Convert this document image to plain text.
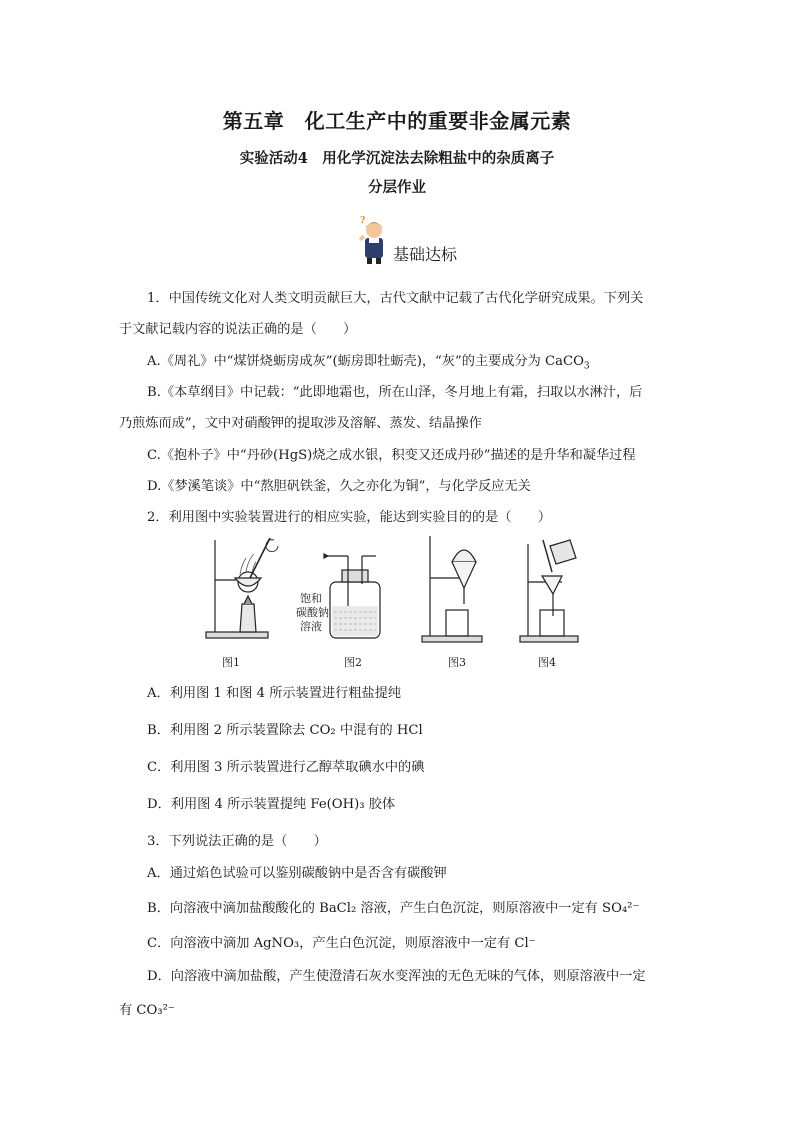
第五章　化工生产中的重要非金属元素
实验活动4　用化学沉淀法去除粗盐中的杂质离子
分层作业
?
基础达标
1．中国传统文化对人类文明贡献巨大，古代文献中记载了古代化学研究成果。下列关
于文献记载内容的说法正确的是（　　）
A.《周礼》中“煤饼烧蛎房成灰”(蛎房即牡蛎壳)，“灰”的主要成分为 CaCO$_3$
B.《本草纲目》中记载：“此即地霜也，所在山泽，冬月地上有霜，扫取以水淋汁，后
乃煎炼而成”，文中对硝酸钾的提取涉及溶解、蒸发、结晶操作
C.《抱朴子》中“丹砂(HgS)烧之成水银，积变又还成丹砂”描述的是升华和凝华过程
D.《梦溪笔谈》中“熬胆矾铁釜，久之亦化为铜”，与化学反应无关
2．利用图中实验装置进行的相应实验，能达到实验目的的是（　　）
饱和
碳酸钠
溶液
图1	图2	图3	图4
A．利用图 1 和图 4 所示装置进行粗盐提纯
B．利用图 2 所示装置除去 CO₂ 中混有的 HCl
C．利用图 3 所示装置进行乙醇萃取碘水中的碘
D．利用图 4 所示装置提纯 Fe(OH)₃ 胶体
3．下列说法正确的是（　　）
A．通过焰色试验可以鉴别碳酸钠中是否含有碳酸钾
B．向溶液中滴加盐酸酸化的 BaCl₂ 溶液，产生白色沉淀，则原溶液中一定有 SO₄²⁻
C．向溶液中滴加 AgNO₃，产生白色沉淀，则原溶液中一定有 Cl⁻
D．向溶液中滴加盐酸，产生使澄清石灰水变浑浊的无色无味的气体，则原溶液中一定
有 CO₃²⁻
